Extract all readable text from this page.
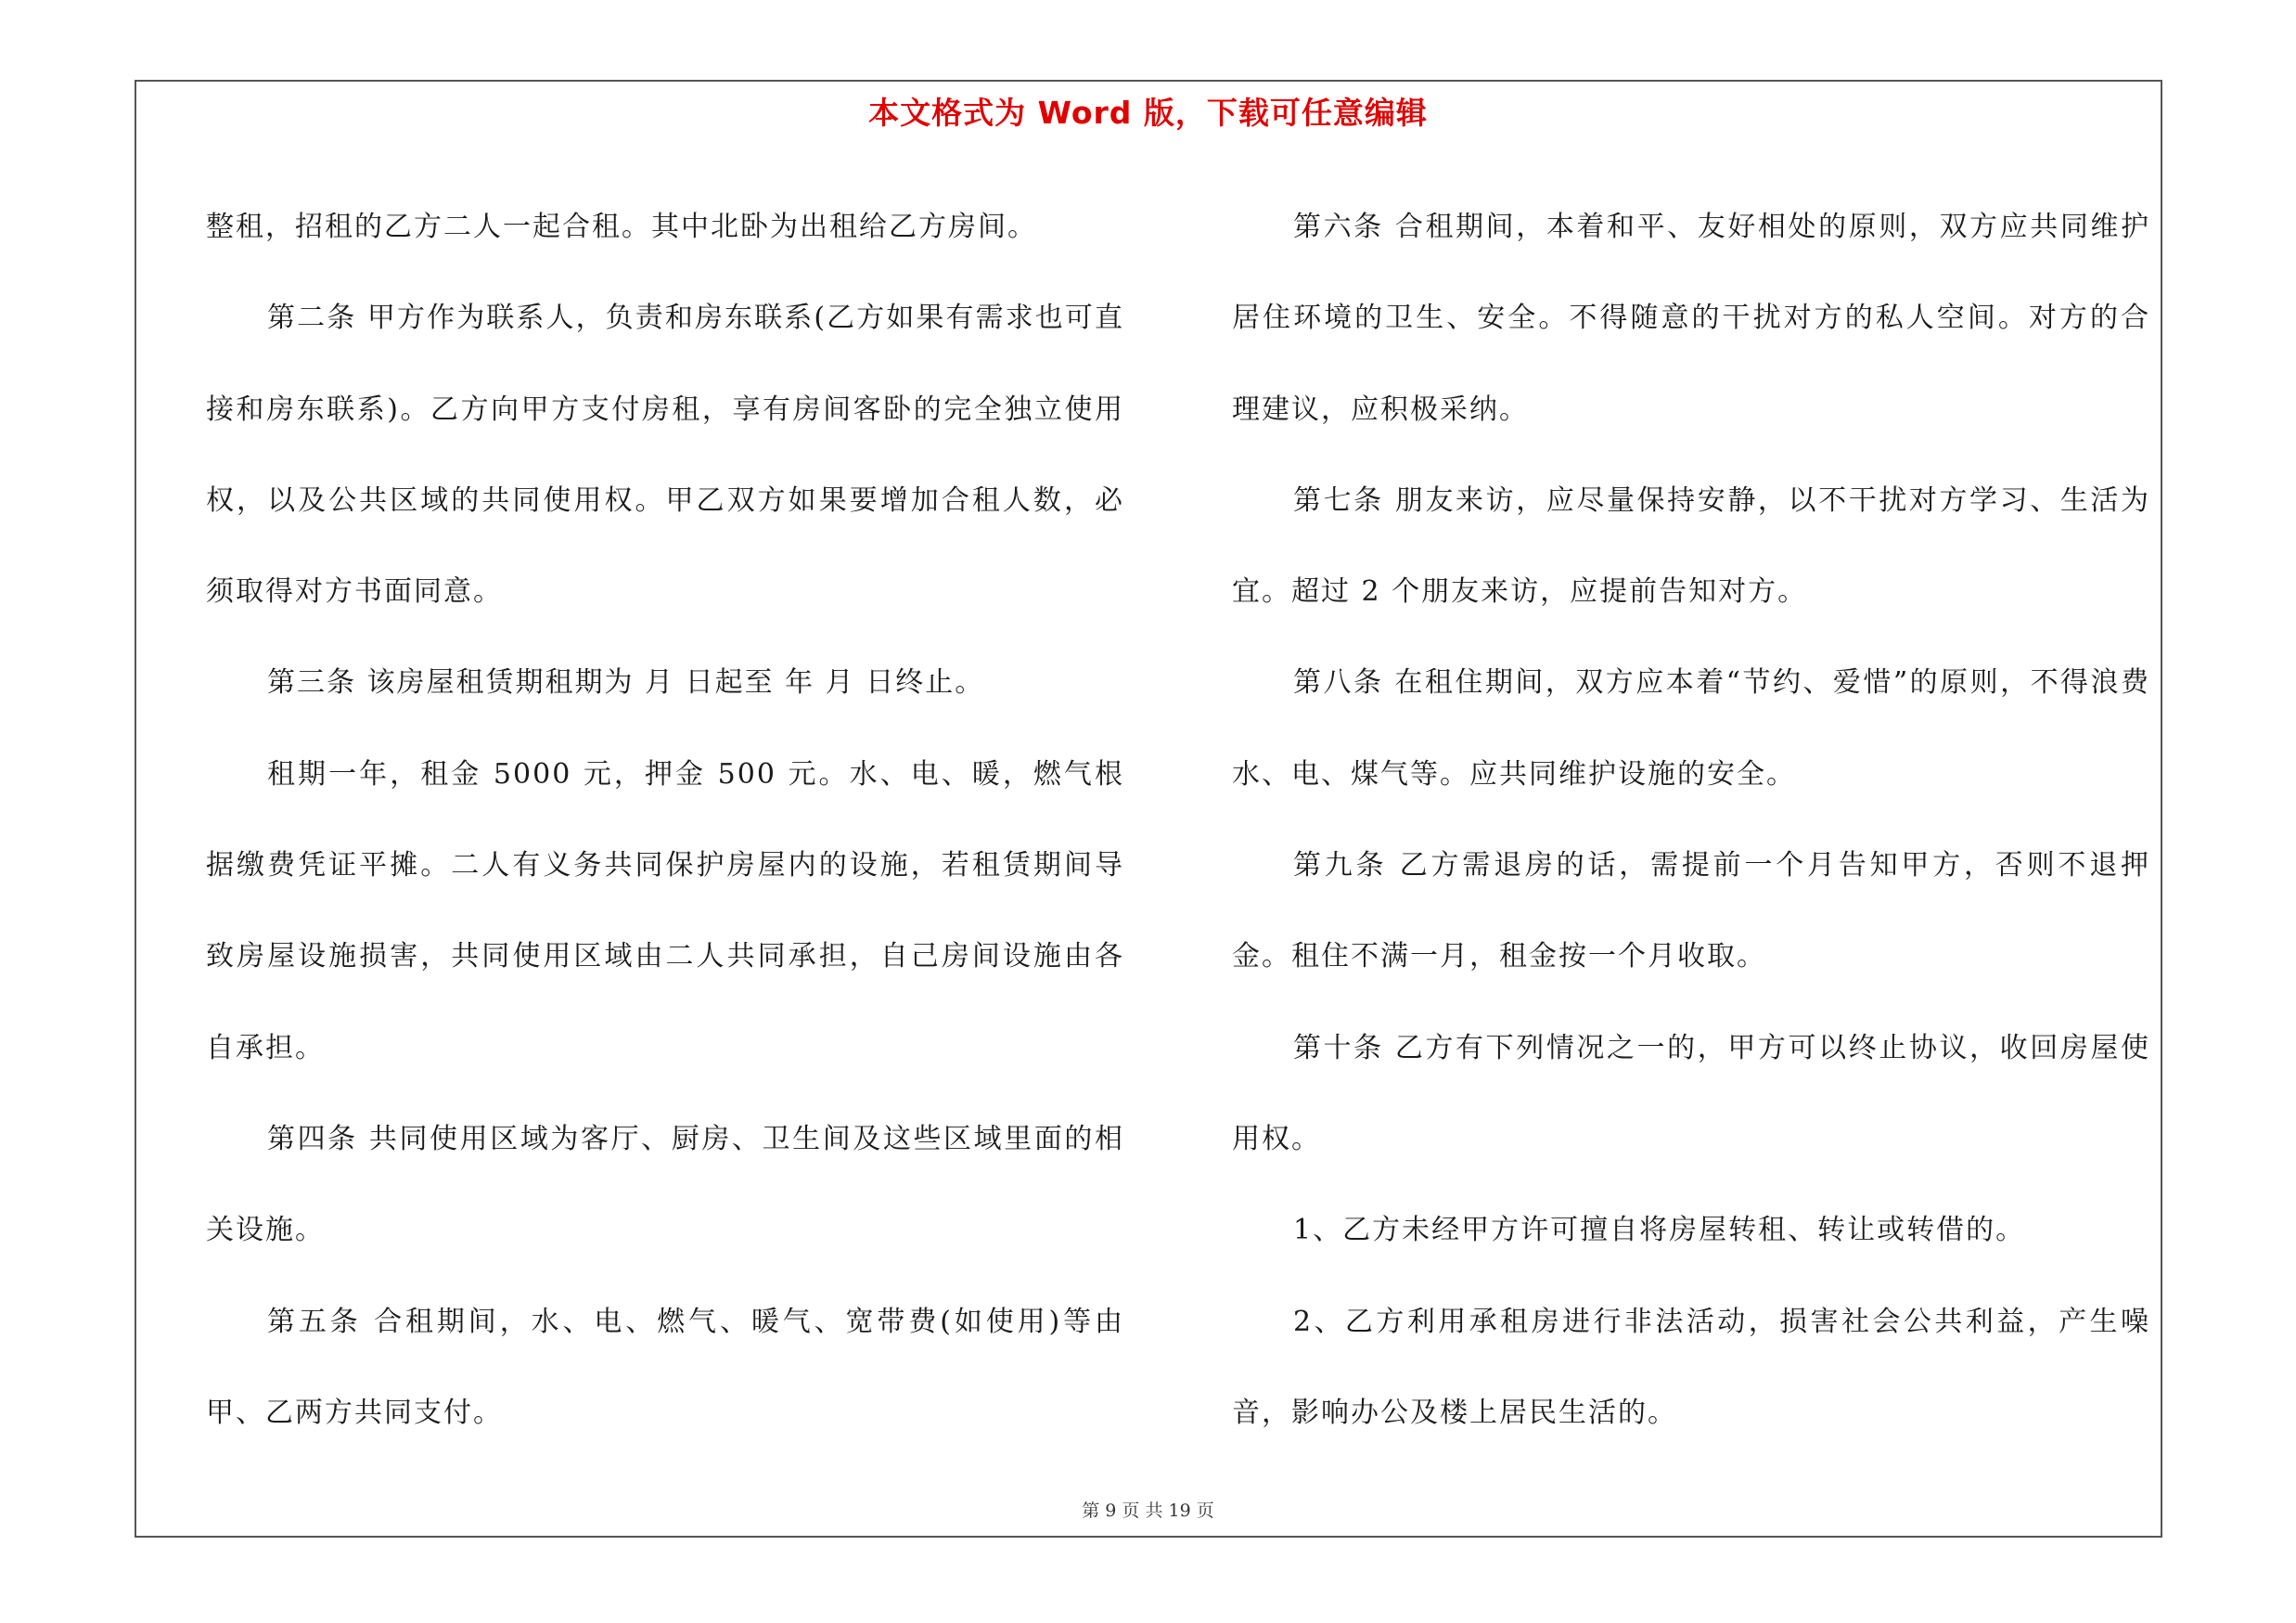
本文格式为 Word 版，下载可任意编辑

整租，招租的乙方二人一起合租。其中北卧为出租给乙方房间。

第二条 甲方作为联系人，负责和房东联系(乙方如果有需求也可直接和房东联系)。乙方向甲方支付房租，享有房间客卧的完全独立使用权，以及公共区域的共同使用权。甲乙双方如果要增加合租人数，必须取得对方书面同意。

第三条 该房屋租赁期租期为 月 日起至 年 月 日终止。

租期一年，租金 5000 元，押金 500 元。水、电、暖，燃气根据缴费凭证平摊。二人有义务共同保护房屋内的设施，若租赁期间导致房屋设施损害，共同使用区域由二人共同承担，自己房间设施由各自承担。

第四条 共同使用区域为客厅、厨房、卫生间及这些区域里面的相关设施。

第五条 合租期间，水、电、燃气、暖气、宽带费(如使用)等由甲、乙两方共同支付。

第六条 合租期间，本着和平、友好相处的原则，双方应共同维护居住环境的卫生、安全。不得随意的干扰对方的私人空间。对方的合理建议，应积极采纳。

第七条 朋友来访，应尽量保持安静，以不干扰对方学习、生活为宜。超过 2 个朋友来访，应提前告知对方。

第八条 在租住期间，双方应本着“节约、爱惜”的原则，不得浪费水、电、煤气等。应共同维护设施的安全。

第九条 乙方需退房的话，需提前一个月告知甲方，否则不退押金。租住不满一月，租金按一个月收取。

第十条 乙方有下列情况之一的，甲方可以终止协议，收回房屋使用权。

1、乙方未经甲方许可擅自将房屋转租、转让或转借的。

2、乙方利用承租房进行非法活动，损害社会公共利益，产生噪音，影响办公及楼上居民生活的。

第 9 页 共 19 页
